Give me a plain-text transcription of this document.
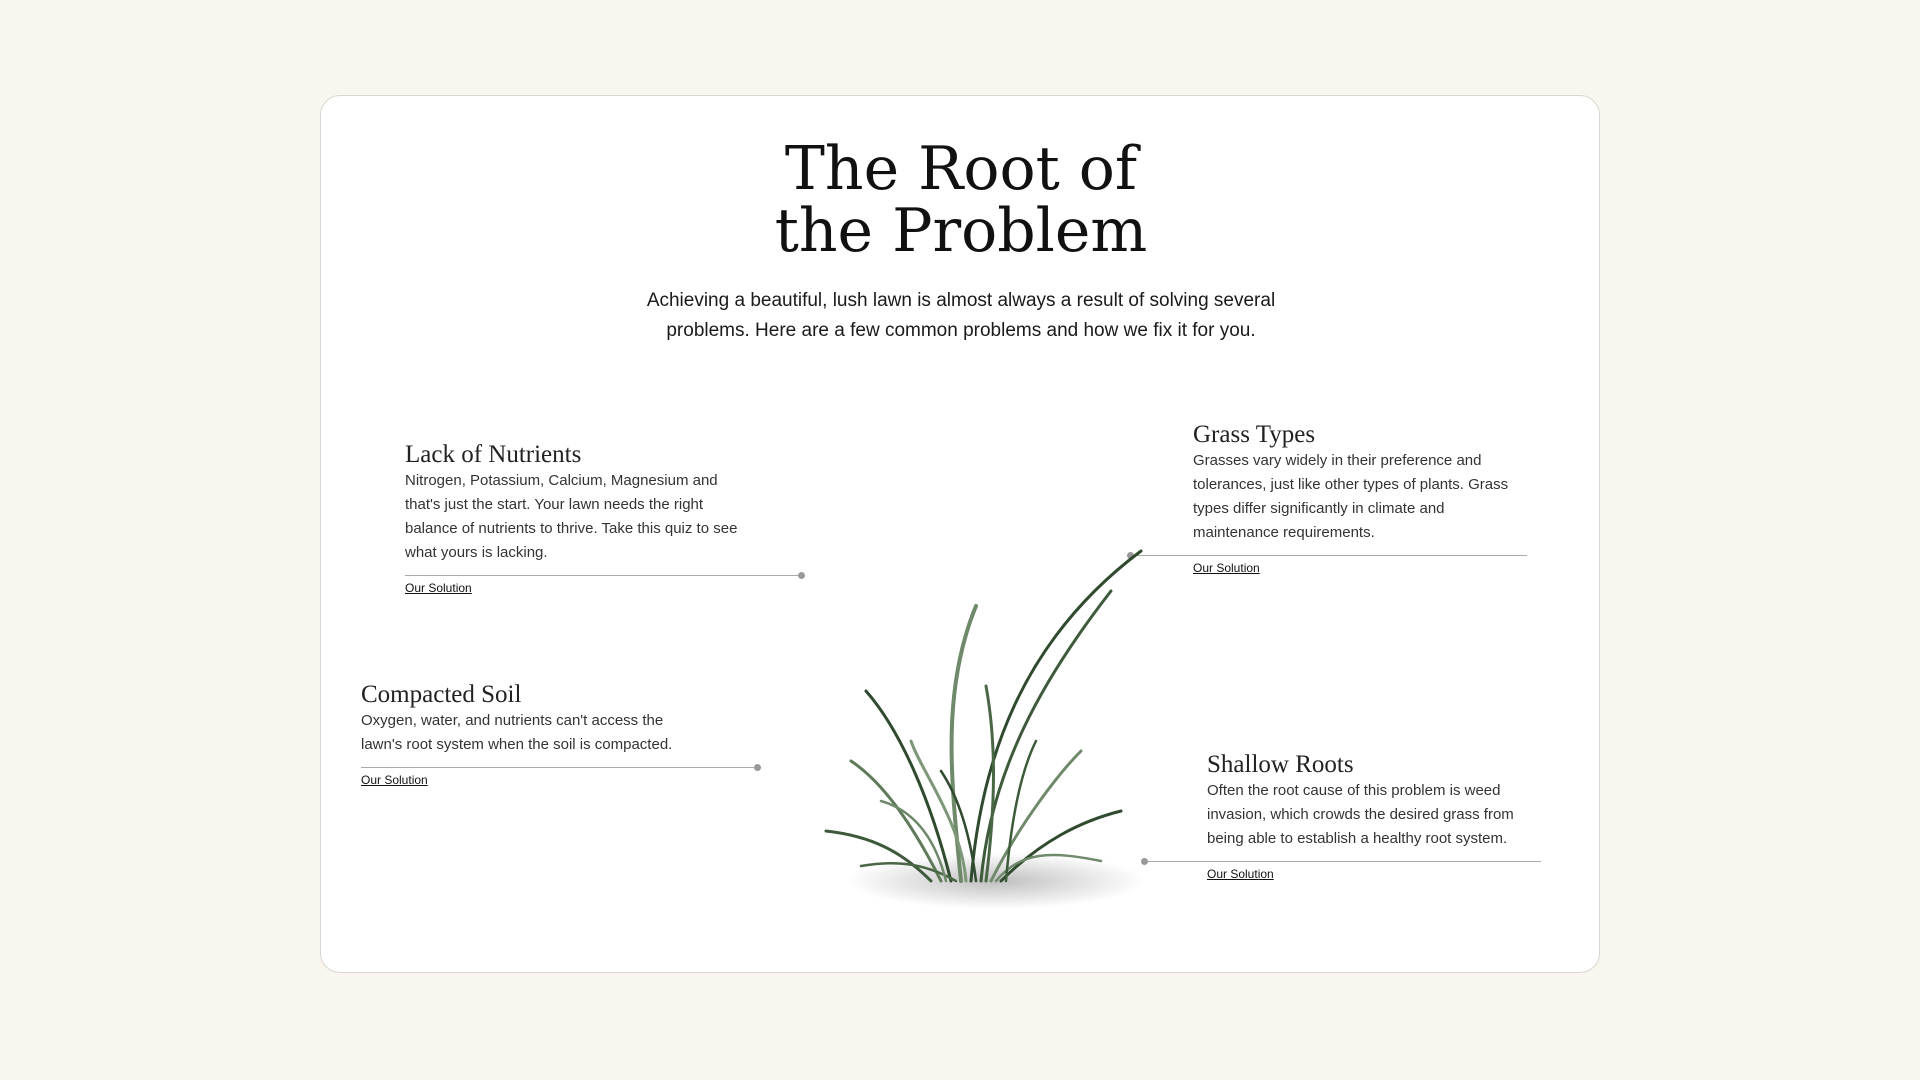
The Root of
the Problem

Achieving a beautiful, lush lawn is almost always a result of solving several problems. Here are a few common problems and how we fix it for you.

Lack of Nutrients

Nitrogen, Potassium, Calcium, Magnesium and that's just the start. Your lawn needs the right balance of nutrients to thrive. Take this quiz to see what yours is lacking.

Our Solution
Compacted Soil

Oxygen, water, and nutrients can't access the lawn's root system when the soil is compacted.

Our Solution
Grass Types

Grasses vary widely in their preference and tolerances, just like other types of plants. Grass types differ significantly in climate and maintenance requirements.

Our Solution
Shallow Roots

Often the root cause of this problem is weed invasion, which crowds the desired grass from being able to establish a healthy root system.

Our Solution
